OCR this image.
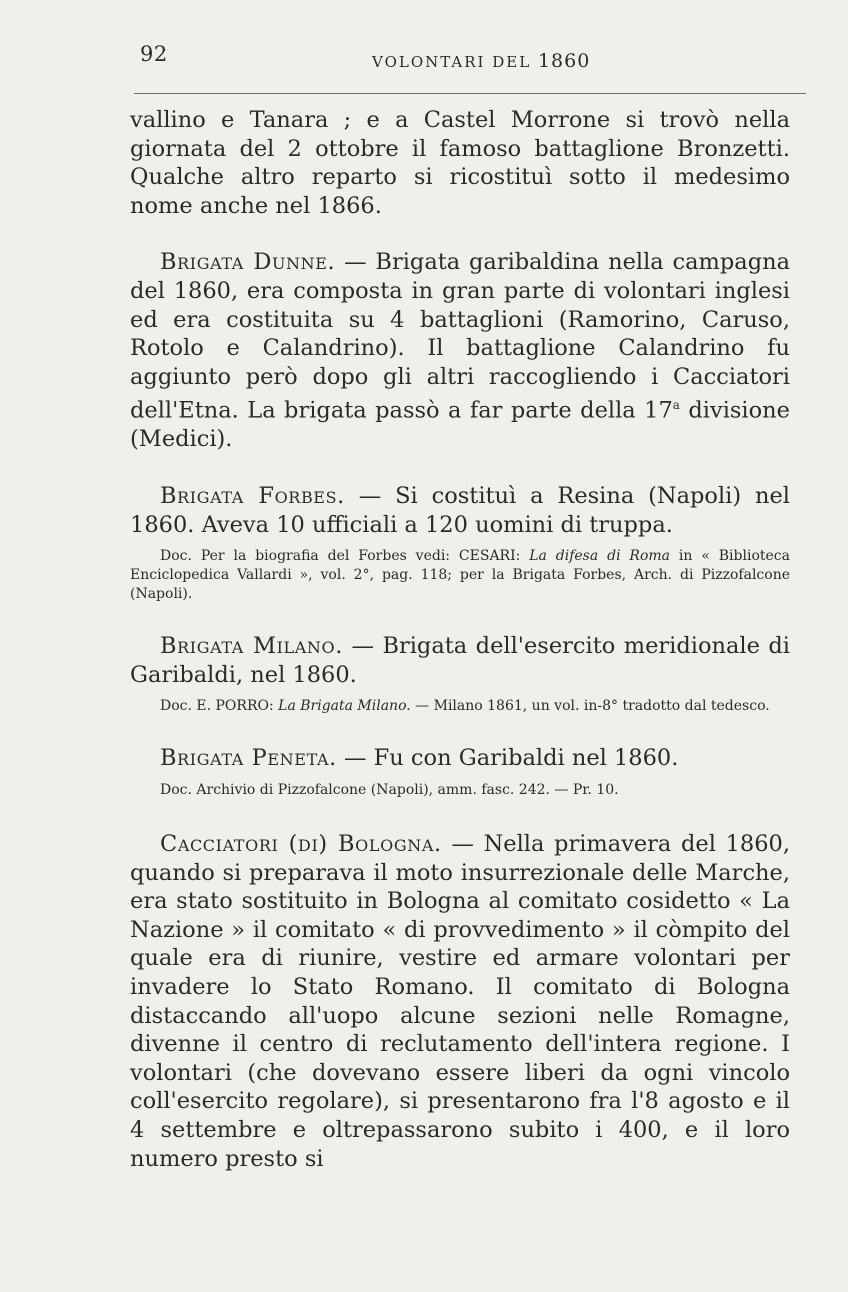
92	VOLONTARI DEL 1860

vallino e Tanara ; e a Castel Morrone si trovò nella giornata del 2 ottobre il famoso battaglione Bronzetti. Qualche altro reparto si ricostituì sotto il medesimo nome anche nel 1866.

Brigata Dunne. — Brigata garibaldina nella campagna del 1860, era composta in gran parte di volontari inglesi ed era costituita su 4 battaglioni (Ramorino, Caruso, Rotolo e Calandrino). Il battaglione Calandrino fu aggiunto però dopo gli altri raccogliendo i Cacciatori dell'Etna. La brigata passò a far parte della 17$^a$ divisione (Medici).

Brigata Forbes. — Si costituì a Resina (Napoli) nel 1860. Aveva 10 ufficiali a 120 uomini di truppa.

Doc. Per la biografia del Forbes vedi: CESARI: La difesa di Roma in « Biblioteca Enciclopedica Vallardi », vol. 2°, pag. 118; per la Brigata Forbes, Arch. di Pizzofalcone (Napoli).

Brigata Milano. — Brigata dell'esercito meridionale di Garibaldi, nel 1860.

Doc. E. PORRO: La Brigata Milano. — Milano 1861, un vol. in-8° tradotto dal tedesco.

Brigata Peneta. — Fu con Garibaldi nel 1860.

Doc. Archivio di Pizzofalcone (Napoli), amm. fasc. 242. — Pr. 10.

Cacciatori (di) Bologna. — Nella primavera del 1860, quando si preparava il moto insurrezionale delle Marche, era stato sostituito in Bologna al comitato cosidetto « La Nazione » il comitato « di provvedimento » il còmpito del quale era di riunire, vestire ed armare volontari per invadere lo Stato Romano. Il comitato di Bologna distaccando all'uopo alcune sezioni nelle Romagne, divenne il centro di reclutamento dell'intera regione. I volontari (che dovevano essere liberi da ogni vincolo coll'esercito regolare), si presentarono fra l'8 agosto e il 4 settembre e oltrepassarono subito i 400, e il loro numero presto si
